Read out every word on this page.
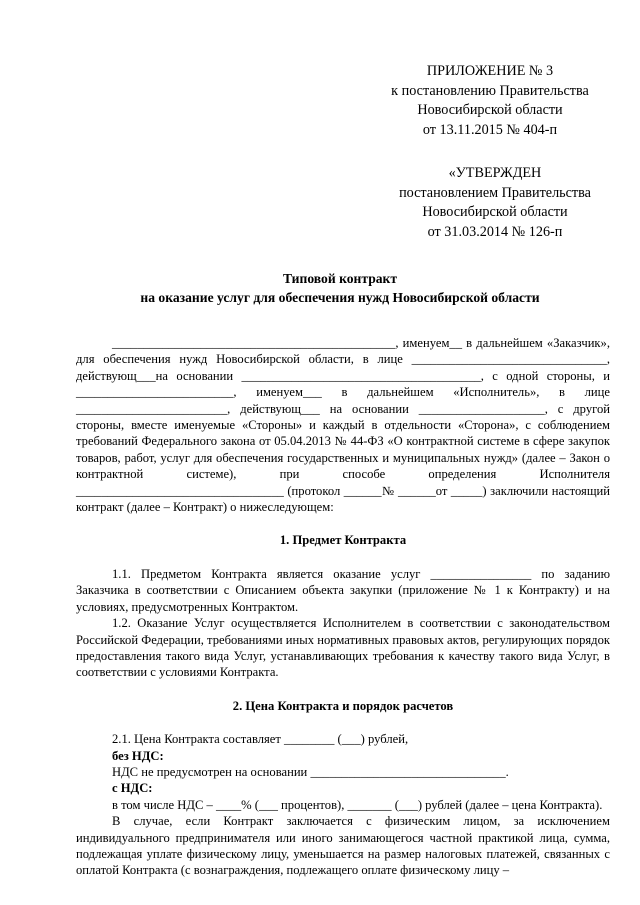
ПРИЛОЖЕНИЕ № 3
к постановлению Правительства
Новосибирской области
от 13.11.2015 № 404-п
«УТВЕРЖДЕН
постановлением Правительства
Новосибирской области
от 31.03.2014 № 126-п
Типовой контракт
на оказание услуг для обеспечения нужд Новосибирской области

_____________________________________________, именуем__ в дальнейшем «Заказчик», для обеспечения нужд Новосибирской области, в лице _______________________________, действующ___на основании ______________________________________, с одной стороны, и _________________________, именуем___ в дальнейшем «Исполнитель», в лице ________________________, действующ___ на основании ____________________, с другой стороны, вместе именуемые «Стороны» и каждый в отдельности «Сторона», с соблюдением требований Федерального закона от 05.04.2013 № 44-ФЗ «О контрактной системе в сфере закупок товаров, работ, услуг для обеспечения государственных и муниципальных нужд» (далее – Закон о контрактной системе), при способе определения Исполнителя _________________________________ (протокол ______№ ______от _____) заключили настоящий контракт (далее – Контракт) о нижеследующем:

1. Предмет Контракта

1.1. Предметом Контракта является оказание услуг ________________ по заданию Заказчика в соответствии с Описанием объекта закупки (приложение № 1 к Контракту) и на условиях, предусмотренных Контрактом.

1.2. Оказание Услуг осуществляется Исполнителем в соответствии с законодательством Российской Федерации, требованиями иных нормативных правовых актов, регулирующих порядок предоставления такого вида Услуг, устанавливающих требования к качеству такого вида Услуг, в соответствии с условиями Контракта.

2. Цена Контракта и порядок расчетов

2.1. Цена Контракта составляет ________ (___) рублей,

без НДС:

НДС не предусмотрен на основании _______________________________.

с НДС:

в том числе НДС – ____% (___ процентов), _______ (___) рублей (далее – цена Контракта).

В случае, если Контракт заключается с физическим лицом, за исключением индивидуального предпринимателя или иного занимающегося частной практикой лица, сумма, подлежащая уплате физическому лицу, уменьшается на размер налоговых платежей, связанных с оплатой Контракта (с вознаграждения, подлежащего оплате физическому лицу –
